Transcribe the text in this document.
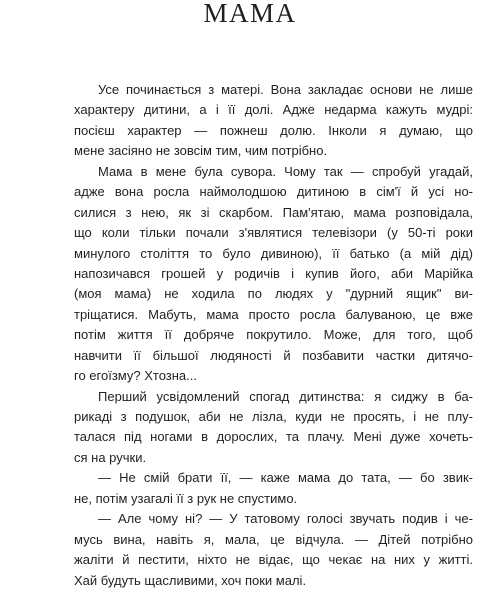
МАМА
Усе починається з матері. Вона закладає основи не лише
характеру дитини, а і її долі. Адже недарма кажуть мудрі:
посієш характер — пожнеш долю. Інколи я думаю, що
мене засіяно не зовсім тим, чим потрібно.
Мама в мене була сувора. Чому так — спробуй угадай,
адже вона росла наймолодшою дитиною в сім'ї й усі но-
силися з нею, як зі скарбом. Пам'ятаю, мама розповідала,
що коли тільки почали з'являтися телевізори (у 50-ті роки
минулого століття то було дивиною), її батько (а мій дід)
напозичався грошей у родичів і купив його, аби Марійка
(моя мама) не ходила по людях у "дурний ящик" ви-
тріщатися. Мабуть, мама просто росла балуваною, це вже
потім життя її добряче покрутило. Може, для того, щоб
навчити її більшої людяності й позбавити частки дитячо-
го егоїзму? Хтозна...
Перший усвідомлений спогад дитинства: я сиджу в ба-
рикаді з подушок, аби не лізла, куди не просять, і не плу-
талася під ногами в дорослих, та плачу. Мені дуже хочеть-
ся на ручки.
— Не смій брати її, — каже мама до тата, — бо звик-
не, потім узагалі її з рук не спустимо.
— Але чому ні? — У татовому голосі звучать подив і че-
мусь вина, навіть я, мала, це відчула. — Дітей потрібно
жаліти й пестити, ніхто не відає, що чекає на них у житті.
Хай будуть щасливими, хоч поки малі.
